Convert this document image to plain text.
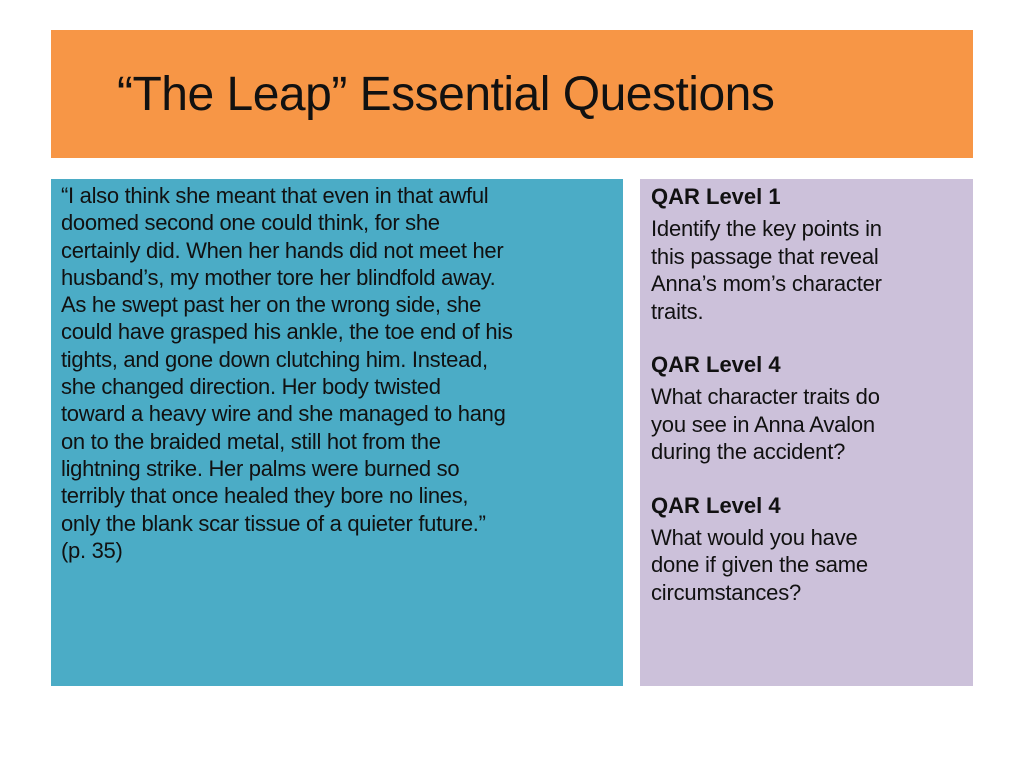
“The Leap” Essential Questions

“I also think she meant that even in that awful
doomed second one could think, for she
certainly did. When her hands did not meet her
husband’s, my mother tore her blindfold away.
As he swept past her on the wrong side, she
could have grasped his ankle, the toe end of his
tights, and gone down clutching him. Instead,
she changed direction. Her body twisted
toward a heavy wire and she managed to hang
on to the braided metal, still hot from the
lightning strike. Her palms were burned so
terribly that once healed they bore no lines,
only the blank scar tissue of a quieter future.”
(p. 35)

QAR Level 1

Identify the key points in
this passage that reveal
Anna’s mom’s character
traits.

QAR Level 4

What character traits do
you see in Anna Avalon
during the accident?

QAR Level 4

What would you have
done if given the same
circumstances?
